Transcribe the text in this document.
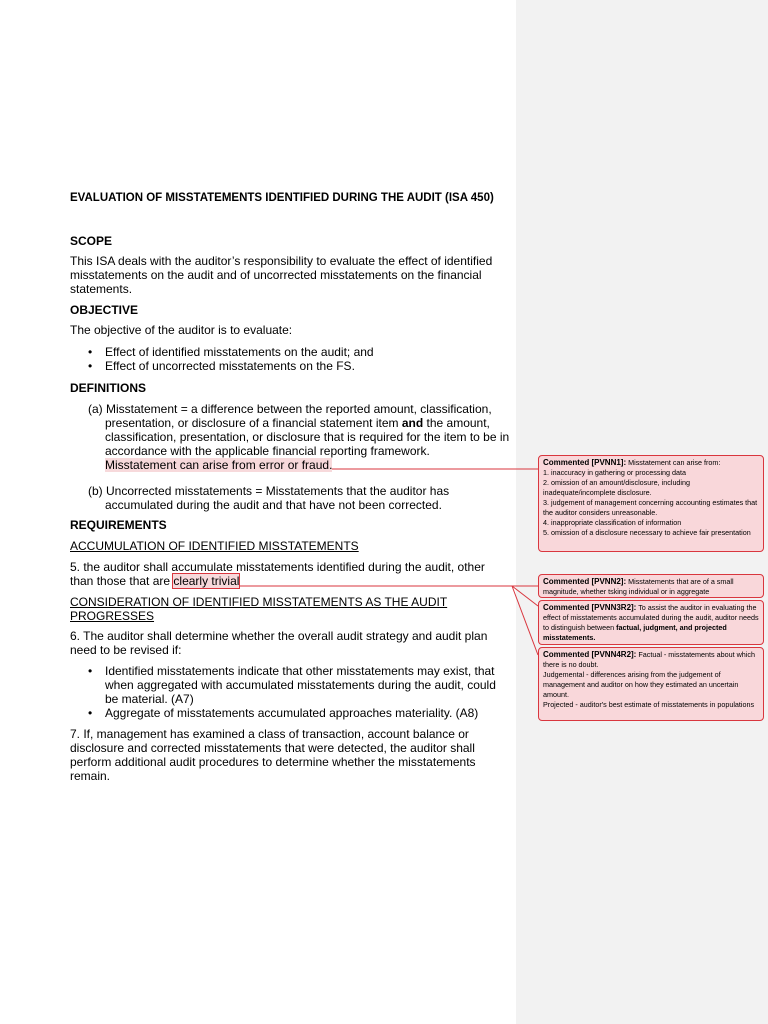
EVALUATION OF MISSTATEMENTS IDENTIFIED DURING THE AUDIT (ISA 450)
SCOPE
This ISA deals with the auditor’s responsibility to evaluate the effect of identified misstatements on the audit and of uncorrected misstatements on the financial statements.
OBJECTIVE
The objective of the auditor is to evaluate:
• Effect of identified misstatements on the audit; and
• Effect of uncorrected misstatements on the FS.
DEFINITIONS
(a) Misstatement = a difference between the reported amount, classification, presentation, or disclosure of a financial statement item and the amount, classification, presentation, or disclosure that is required for the item to be in accordance with the applicable financial reporting framework.
Misstatement can arise from error or fraud.
(b) Uncorrected misstatements = Misstatements that the auditor has accumulated during the audit and that have not been corrected.
REQUIREMENTS
ACCUMULATION OF IDENTIFIED MISSTATEMENTS
5. the auditor shall accumulate misstatements identified during the audit, other than those that are clearly trivial
CONSIDERATION OF IDENTIFIED MISSTATEMENTS AS THE AUDIT PROGRESSES
6. The auditor shall determine whether the overall audit strategy and audit plan need to be revised if:
• Identified misstatements indicate that other misstatements may exist, that when aggregated with accumulated misstatements during the audit, could be material. (A7)
• Aggregate of misstatements accumulated approaches materiality. (A8)
7. If, management has examined a class of transaction, account balance or disclosure and corrected misstatements that were detected, the auditor shall perform additional audit procedures to determine whether the misstatements remain.
Commented [PVNN1]: Misstatement can arise from:
1. inaccuracy in gathering or processing data
2. omission of an amount/disclosure, including inadequate/incomplete disclosure.
3. judgement of management concerning accounting estimates that the auditor considers unreasonable.
4. inappropriate classification of information
5. omission of a disclosure necessary to achieve fair presentation
Commented [PVNN2]: Misstatements that are of a small magnitude, whether tsking individual or in aggregate
Commented [PVNN3R2]: To assist the auditor in evaluating the effect of misstatements accumulated during the audit, auditor needs to distinguish between factual, judgment, and projected misstatements.
Commented [PVNN4R2]: Factual - misstatements about which there is no doubt.
Judgemental - differences arising from the judgement of management and auditor on how they estimated an uncertain amount.
Projected - auditor's best estimate of misstatements in populations
